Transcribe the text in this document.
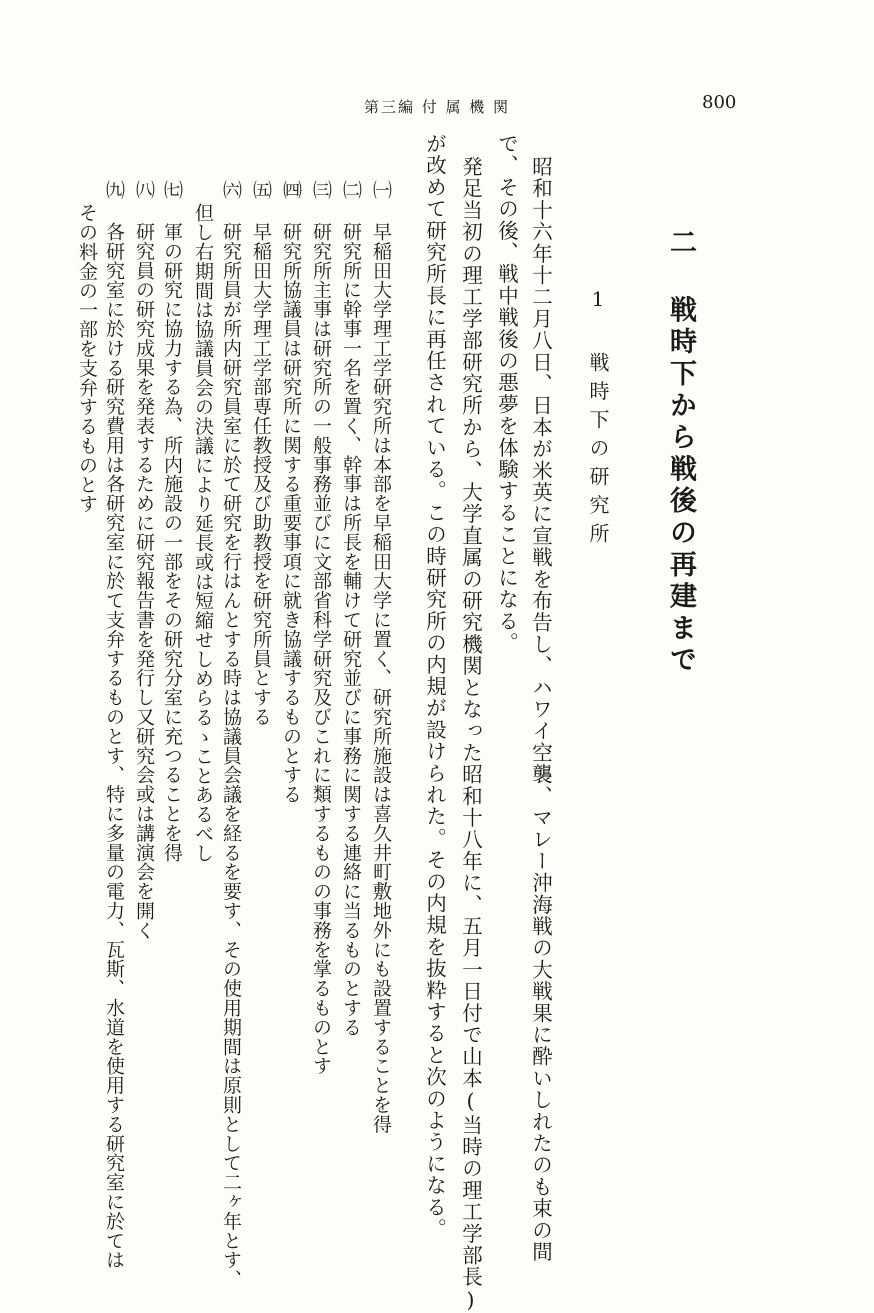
第三編 付 属 機 関	800
二 戦時下から戦後の再建まで
1 戦時下の研究所
昭和十六年十二月八日、日本が米英に宣戦を布告し、ハワイ空襲、マレー沖海戦の大戦果に酔いしれたのも束の間
で、その後、戦中戦後の悪夢を体験することになる。
発足当初の理工学部研究所から、大学直属の研究機関となった昭和十八年に、五月一日付で山本(当時の理工学部長)
が改めて研究所長に再任されている。この時研究所の内規が設けられた。その内規を抜粋すると次のようになる。
㈠ 早稲田大学理工学研究所は本部を早稲田大学に置く、研究所施設は喜久井町敷地外にも設置することを得
㈡ 研究所に幹事一名を置く、幹事は所長を輔けて研究並びに事務に関する連絡に当るものとする
㈢ 研究所主事は研究所の一般事務並びに文部省科学研究及びこれに類するものの事務を掌るものとす
㈣ 研究所協議員は研究所に関する重要事項に就き協議するものとする
㈤ 早稲田大学理工学部専任教授及び助教授を研究所員とする
㈥ 研究所員が所内研究員室に於て研究を行はんとする時は協議員会議を経るを要す、その使用期間は原則として二ヶ年とす、
但し右期間は協議員会の決議により延長或は短縮せしめらるゝことあるべし
㈦ 軍の研究に協力する為、所内施設の一部をその研究分室に充つることを得
㈧ 研究員の研究成果を発表するために研究報告書を発行し又研究会或は講演会を開く
㈨ 各研究室に於ける研究費用は各研究室に於て支弁するものとす、特に多量の電力、瓦斯、水道を使用する研究室に於ては
その料金の一部を支弁するものとす
